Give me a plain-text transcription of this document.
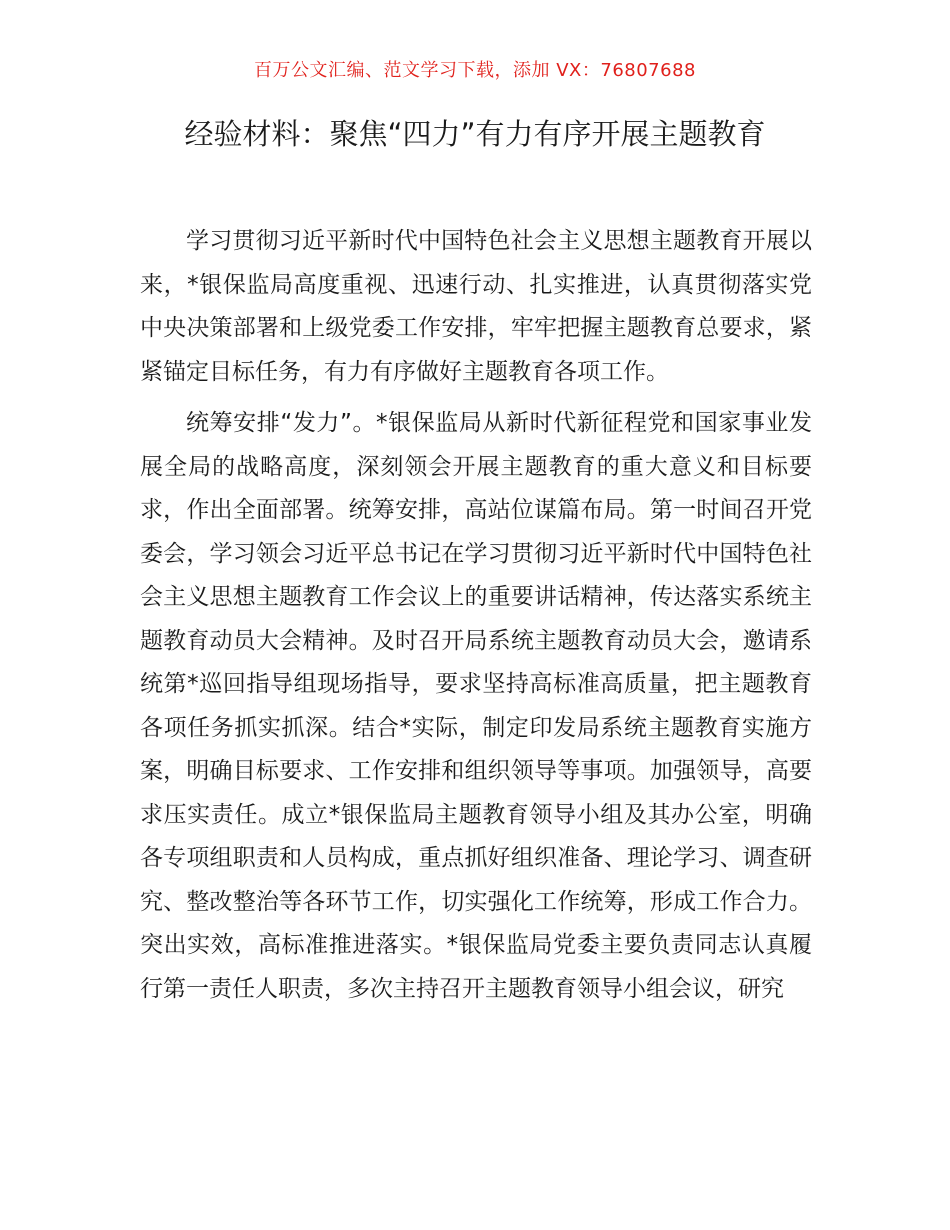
百万公文汇编、范文学习下载，添加 VX：76807688
经验材料：聚焦“四力”有力有序开展主题教育

学习贯彻习近平新时代中国特色社会主义思想主题教育开展以来，*银保监局高度重视、迅速行动、扎实推进，认真贯彻落实党中央决策部署和上级党委工作安排，牢牢把握主题教育总要求，紧紧锚定目标任务，有力有序做好主题教育各项工作。

统筹安排“发力”。*银保监局从新时代新征程党和国家事业发展全局的战略高度，深刻领会开展主题教育的重大意义和目标要求，作出全面部署。统筹安排，高站位谋篇布局。第一时间召开党委会，学习领会习近平总书记在学习贯彻习近平新时代中国特色社会主义思想主题教育工作会议上的重要讲话精神，传达落实系统主题教育动员大会精神。及时召开局系统主题教育动员大会，邀请系统第*巡回指导组现场指导，要求坚持高标准高质量，把主题教育各项任务抓实抓深。结合*实际，制定印发局系统主题教育实施方案，明确目标要求、工作安排和组织领导等事项。加强领导，高要求压实责任。成立*银保监局主题教育领导小组及其办公室，明确各专项组职责和人员构成，重点抓好组织准备、理论学习、调查研究、整改整治等各环节工作，切实强化工作统筹，形成工作合力。突出实效，高标准推进落实。*银保监局党委主要负责同志认真履行第一责任人职责，多次主持召开主题教育领导小组会议，研究
